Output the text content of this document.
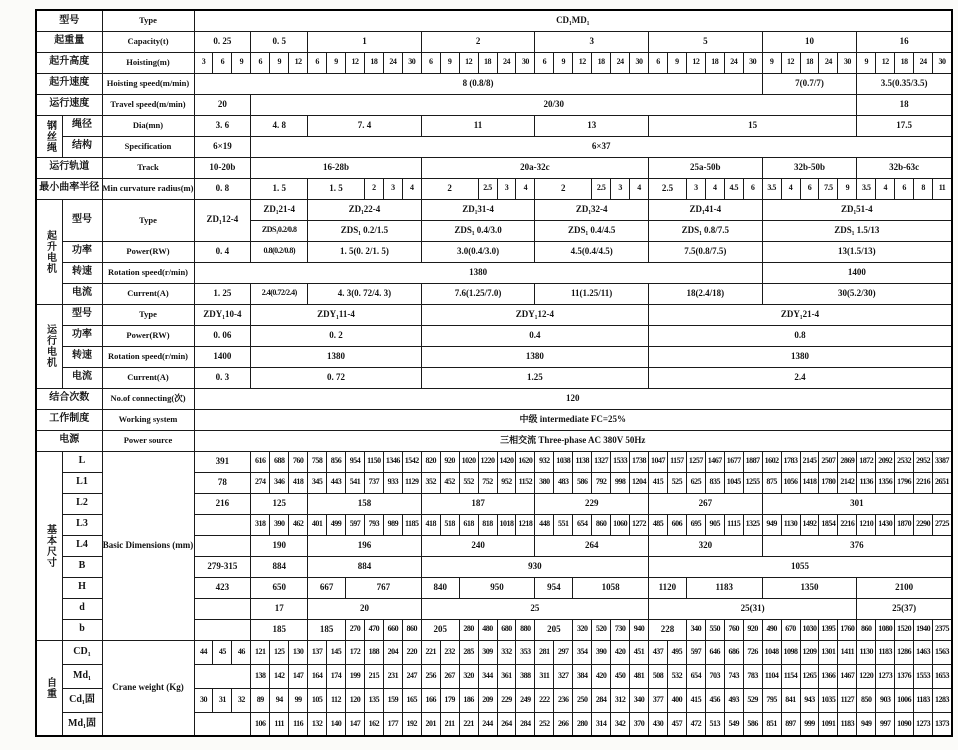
型号		Type	CD₁MD₁																																							
起重量		Capacity(t)	0. 25			0. 5			1						2						3						5						10					16				
起升高度		Hoisting(m)	3	6	9	6	9	12	6	9	12	18	24	30	6	9	12	18	24	30	6	9	12	18	24	30	6	9	12	18	24	30	9	12	18	24	30	9	12	18	24	30
起升速度		Hoisting speed(m/min)	8 (0.8/8)																														7(0.7/7)					3.5(0.35/3.5)				
运行速度		Travel speed(m/min)	20			20/30																																18				
钢丝绳	绳径	Dia(mn)	3. 6			4. 8			7. 4						11						13						15											17.5				
	结构	Specification	6×19			6×37																																				
运行轨道		Track	10-20b			16-28b									20a-32c												25a-50b						32b-50b					32b-63c				
最小曲率半径		Min curvature radius(m)	0. 8			1. 5			1. 5			2	3	4	2			2.5	3	4	2			2.5	3	4	2.5		3	4	4.5	6	3.5	4	6	7.5	9	3.5	4	6	8	11
起升电机	型号	Type	ZD₁12-4			ZD₁21-4			ZD₁22-4						ZD₁31-4						ZD₁32-4						ZD₁41-4						ZD₁51-4									
						ZDS₁0.2/0.8			ZDS₁ 0.2/1.5						ZDS₁ 0.4/3.0						ZDS₁ 0.4/4.5						ZDS₁ 0.8/7.5						ZDS₁ 1.5/13									
	功率	Power(RW)	0. 4			0.8(0.2/0.8)			1. 5(0. 2/1. 5)						3.0(0.4/3.0)						4.5(0.4/4.5)						7.5(0.8/7.5)						13(1.5/13)									
	转速	Rotation speed(r/min)	1380																														1400									
	电流	Current(A)	1. 25			2.4(0.72/2.4)			4. 3(0. 72/4. 3)						7.6(1.25/7.0)						11(1.25/11)						18(2.4/18)						30(5.2/30)									
运行电机	型号	Type	ZDY₁10-4			ZDY₁11-4									ZDY₁12-4												ZDY₁21-4															
	功率	Power(RW)	0. 06			0. 2									0.4												0.8															
	转速	Rotation speed(r/min)	1400			1380									1380												1380															
	电流	Current(A)	0. 3			0. 72									1.25												2.4															
结合次数		No.of connecting(次)	120																																							
工作制度		Working system	中级 intermediate FC=25%																																							
电源		Power source	三相交流 Three-phase AC 380V 50Hz																																							
基本尺寸	L	Basic Dimensions (mm)	391			616	688	760	758	856	954	1150	1346	1542	820	920	1020	1220	1420	1620	932	1038	1138	1327	1533	1738	1047	1157	1257	1467	1677	1887	1602	1783	2145	2507	2869	1872	2092	2532	2952	3387
	L1		78			274	346	418	345	443	541	737	933	1129	352	452	552	752	952	1152	380	483	586	792	998	1204	415	525	625	835	1045	1255	875	1056	1418	1780	2142	1136	1356	1796	2216	2651
	L2		216			125			158						187						229						267						301									
	L3					318	390	462	401	499	597	793	989	1185	418	518	618	818	1018	1218	448	551	654	860	1060	1272	485	606	695	905	1115	1325	949	1130	1492	1854	2216	1210	1430	1870	2290	2725
	L4					190			196						240						264						320						376									
	B		279-315			884			884						930												1055															
	H		423			650			667		767				840		950				954		1058				1120		1183				1350					2100				
	d					17			20						25												25(31)											25(37)				
	b					185			185		270	470	660	860	205		280	480	680	880	205		320	520	730	940	228		340	550	760	920	490	670	1030	1395	1760	860	1080	1520	1940	2375
自重	CD₁	Crane weight (Kg)	44	45	46	121	125	130	137	145	172	188	204	220	221	232	285	309	332	353	281	297	354	390	420	451	437	495	597	646	686	726	1048	1098	1209	1301	1411	1130	1183	1286	1463	1563
	Md₁					138	142	147	164	174	199	215	231	247	256	267	320	344	361	388	311	327	384	420	450	481	508	532	654	703	743	783	1104	1154	1265	1366	1467	1220	1273	1376	1553	1653
	Cd₁固		30	31	32	89	94	99	105	112	120	135	159	165	166	179	186	209	229	249	222	236	250	284	312	340	377	400	415	456	493	529	795	841	943	1035	1127	850	903	1006	1183	1283
	Md₁固					106	111	116	132	140	147	162	177	192	201	211	221	244	264	284	252	266	280	314	342	370	430	457	472	513	549	586	851	897	999	1091	1183	949	997	1090	1273	1373
